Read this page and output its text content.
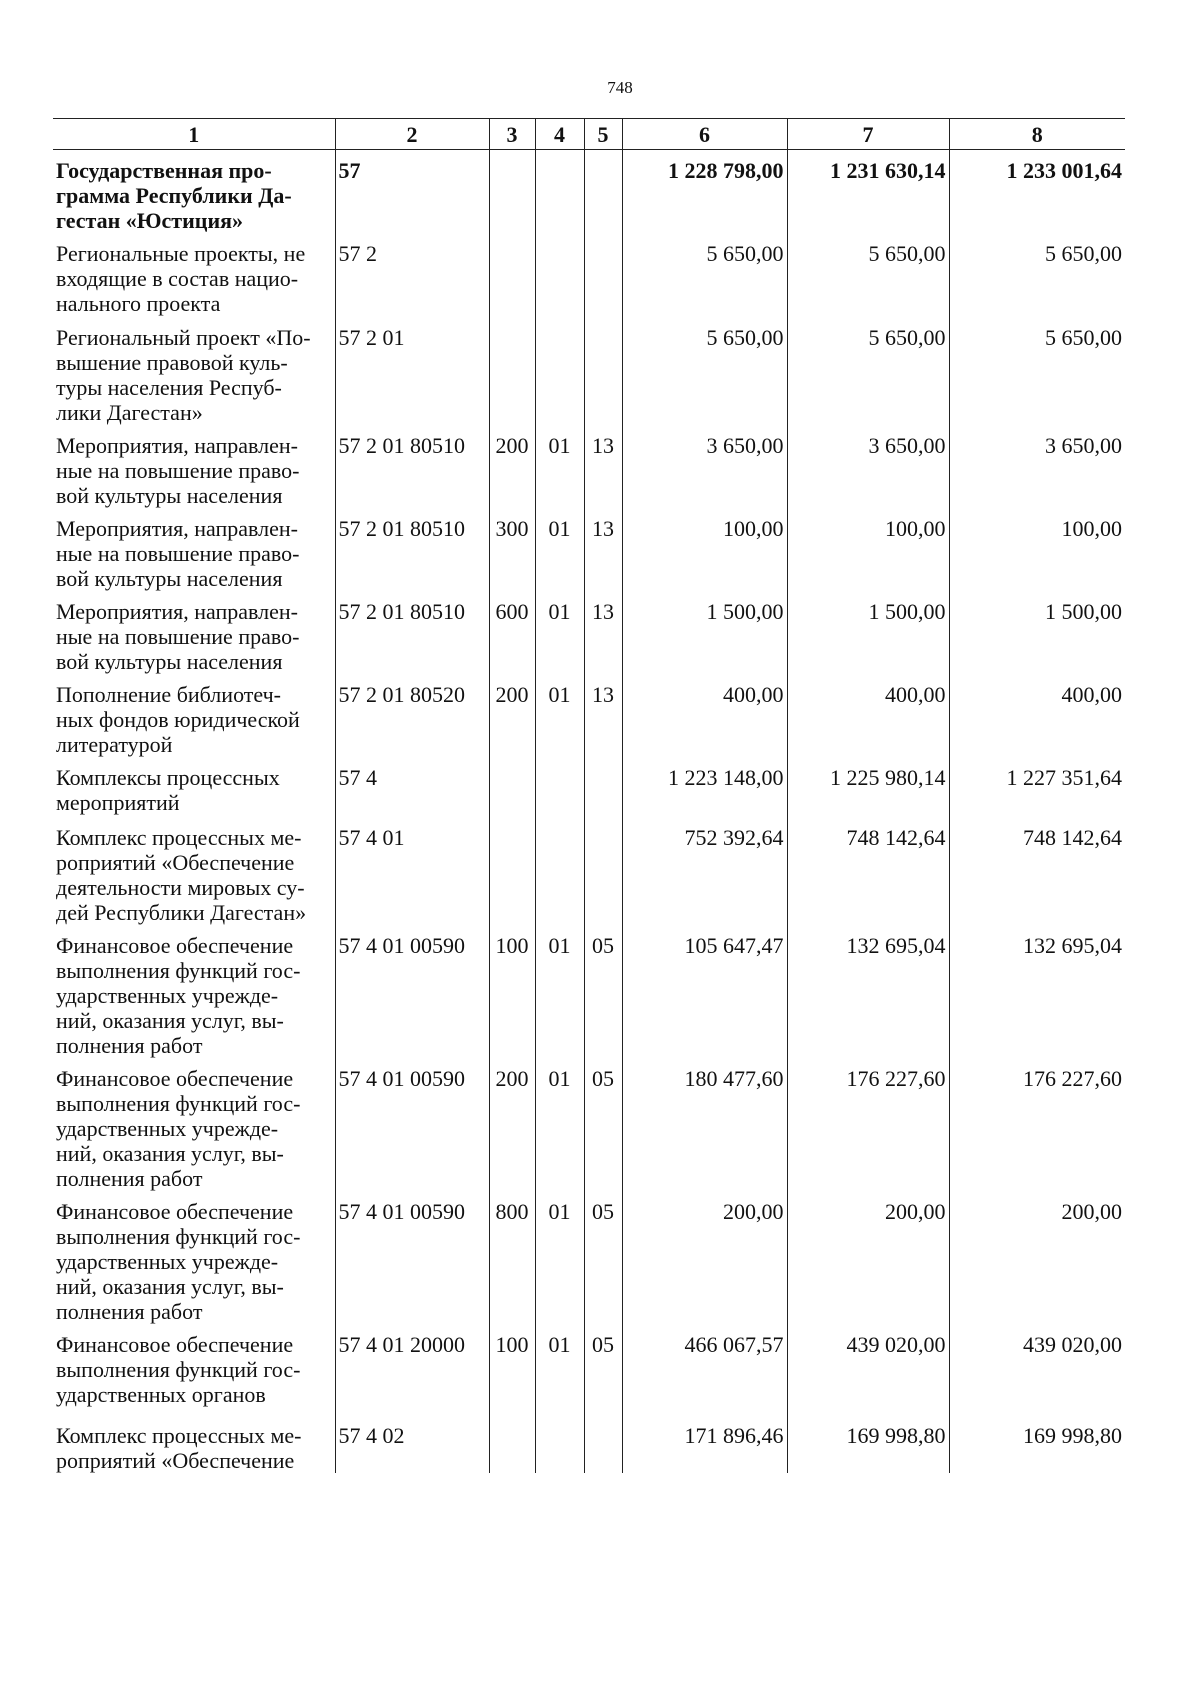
748
1	2	3	4	5	6	7	8
Государственная про-
грамма Республики Да-
гестан «Юстиция»	57				1 228 798,00	1 231 630,14	1 233 001,64
Региональные проекты, не
входящие в состав нацио-
нального проекта	57 2				5 650,00	5 650,00	5 650,00
Региональный проект «По-
вышение правовой куль-
туры населения Респуб-
лики Дагестан»	57 2 01				5 650,00	5 650,00	5 650,00
Мероприятия, направлен-
ные на повышение право-
вой культуры населения	57 2 01 80510	200	01	13	3 650,00	3 650,00	3 650,00
Мероприятия, направлен-
ные на повышение право-
вой культуры населения	57 2 01 80510	300	01	13	100,00	100,00	100,00
Мероприятия, направлен-
ные на повышение право-
вой культуры населения	57 2 01 80510	600	01	13	1 500,00	1 500,00	1 500,00
Пополнение библиотеч-
ных фондов юридической
литературой	57 2 01 80520	200	01	13	400,00	400,00	400,00
Комплексы процессных
мероприятий	57 4				1 223 148,00	1 225 980,14	1 227 351,64
Комплекс процессных ме-
роприятий «Обеспечение
деятельности мировых су-
дей Республики Дагестан»	57 4 01				752 392,64	748 142,64	748 142,64
Финансовое обеспечение
выполнения функций гос-
ударственных учрежде-
ний, оказания услуг, вы-
полнения работ	57 4 01 00590	100	01	05	105 647,47	132 695,04	132 695,04
Финансовое обеспечение
выполнения функций гос-
ударственных учрежде-
ний, оказания услуг, вы-
полнения работ	57 4 01 00590	200	01	05	180 477,60	176 227,60	176 227,60
Финансовое обеспечение
выполнения функций гос-
ударственных учрежде-
ний, оказания услуг, вы-
полнения работ	57 4 01 00590	800	01	05	200,00	200,00	200,00
Финансовое обеспечение
выполнения функций гос-
ударственных органов	57 4 01 20000	100	01	05	466 067,57	439 020,00	439 020,00
Комплекс процессных ме-
роприятий «Обеспечение	57 4 02				171 896,46	169 998,80	169 998,80
